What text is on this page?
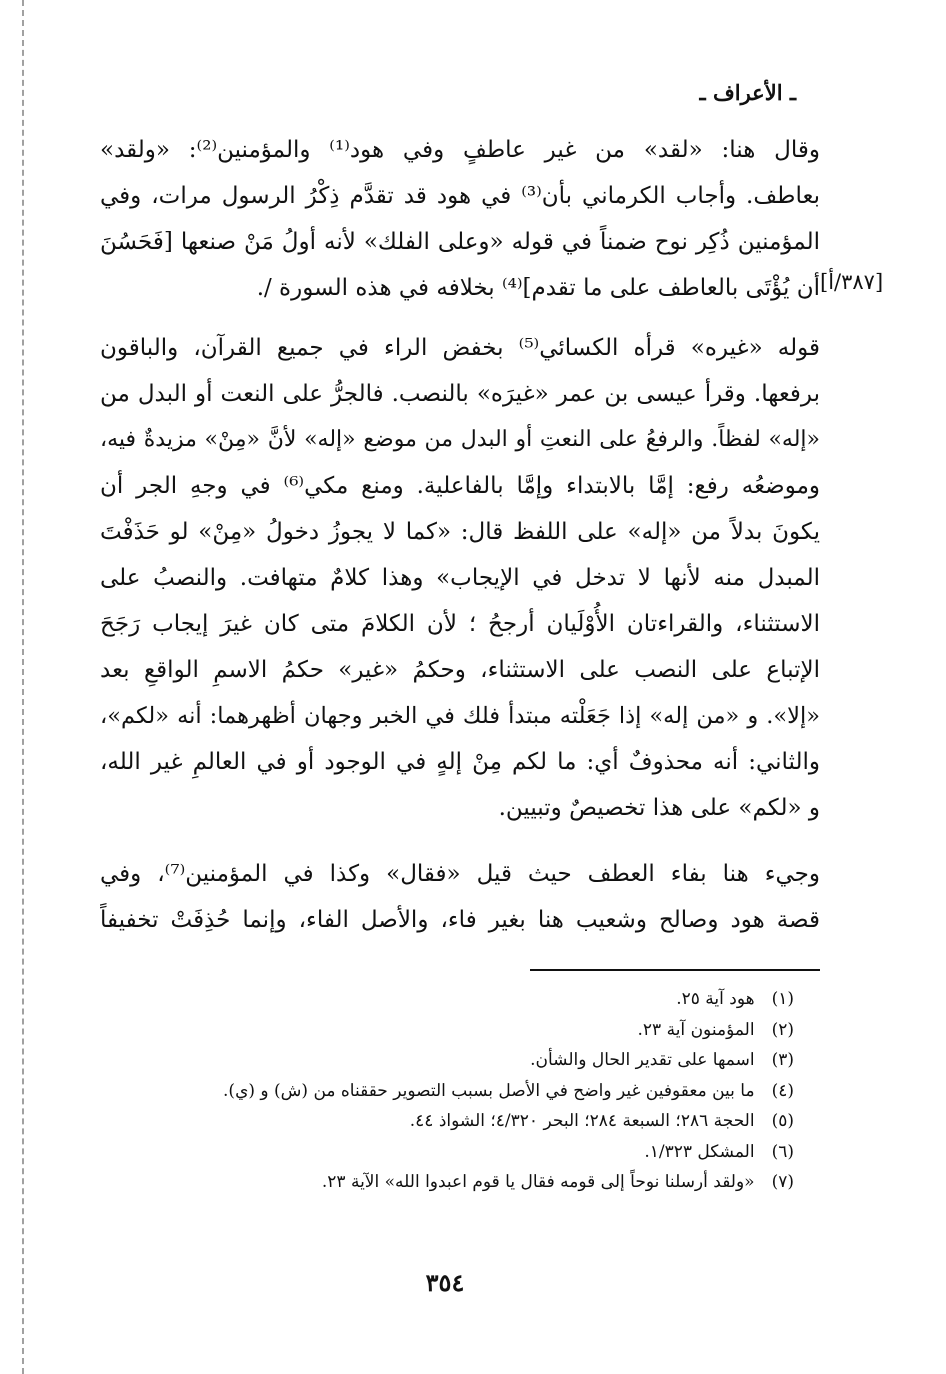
ـ الأعراف ـ
وقال هنا: «لقد» من غير عاطفٍ وفي هود⁽¹⁾ والمؤمنين⁽²⁾: «ولقد»
بعاطف. وأجاب الكرماني بأن⁽³⁾ في هود قد تقدَّم ذِكْرُ الرسول مرات، وفي
المؤمنين ذُكِر نوح ضمناً في قوله «وعلى الفلك» لأنه أولُ مَنْ صنعها [فَحَسُنَ
أن يُؤْتَى بالعاطف على ما تقدم]⁽⁴⁾ بخلافه في هذه السورة /. [٣٨٧/أ]
قوله «غيره» قرأه الكسائي⁽⁵⁾ بخفض الراء في جميع القرآن، والباقون
برفعها. وقرأ عيسى بن عمر «غيرَه» بالنصب. فالجرُّ على النعت أو البدل من
«إله» لفظاً. والرفعُ على النعتِ أو البدل من موضع «إله» لأنَّ «مِنْ» مزيدةٌ فيه،
وموضعُه رفع: إمَّا بالابتداء وإمَّا بالفاعلية. ومنع مكي⁽⁶⁾ في وجهِ الجر أن
يكونَ بدلاً من «إله» على اللفظ قال: «كما لا يجوزُ دخولُ «مِنْ» لو حَذَفْتَ
المبدل منه لأنها لا تدخل في الإيجاب» وهذا كلامٌ متهافت. والنصبُ على
الاستثناء، والقراءتان الأُوْلَيان أرجحُ ؛ لأن الكلامَ متى كان غيرَ إيجاب رَجَحَ
الإتباع على النصب على الاستثناء، وحكمُ «غير» حكمُ الاسمِ الواقعِ بعد
«إلا». و «من إله» إذا جَعَلْته مبتدأ فلك في الخبر وجهان أظهرهما: أنه «لكم»،
والثاني: أنه محذوفٌ أي: ما لكم مِنْ إلهٍ في الوجود أو في العالمِ غير الله،
و «لكم» على هذا تخصيصٌ وتبيين.
وجيء هنا بفاء العطف حيث قيل «فقال» وكذا في المؤمنين⁽⁷⁾، وفي
قصة هود وصالح وشعيب هنا بغير فاء، والأصل الفاء، وإنما حُذِفَتْ تخفيفاً
(١) هود آية ٢٥.
(٢) المؤمنون آية ٢٣.
(٣) اسمها على تقدير الحال والشأن.
(٤) ما بين معقوفين غير واضح في الأصل بسبب التصوير حققناه من (ش) و (ي).
(٥) الحجة ٢٨٦؛ السبعة ٢٨٤؛ البحر ٤/٣٢٠؛ الشواذ ٤٤.
(٦) المشكل ١/٣٢٣.
(٧) «ولقد أرسلنا نوحاً إلى قومه فقال يا قوم اعبدوا الله» الآية ٢٣.
٣٥٤
